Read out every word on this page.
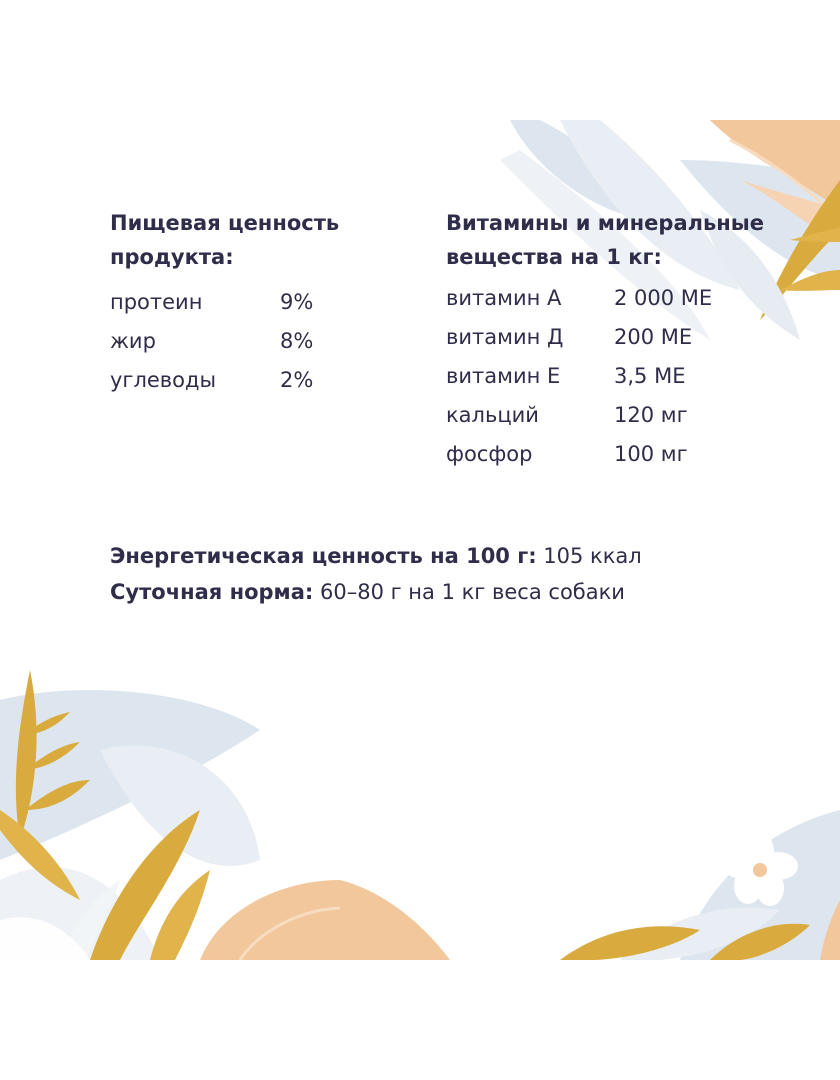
Пищевая ценность
продукта:
протеин	9%
жир	8%
углеводы	2%
Витамины и минеральные
вещества на 1 кг:
витамин А	2 000 МЕ
витамин Д	200 МЕ
витамин Е	3,5 МЕ
кальций	120 мг
фосфор	100 мг
Энергетическая ценность на 100 г: 105 ккал
Суточная норма: 60–80 г на 1 кг веса собаки
